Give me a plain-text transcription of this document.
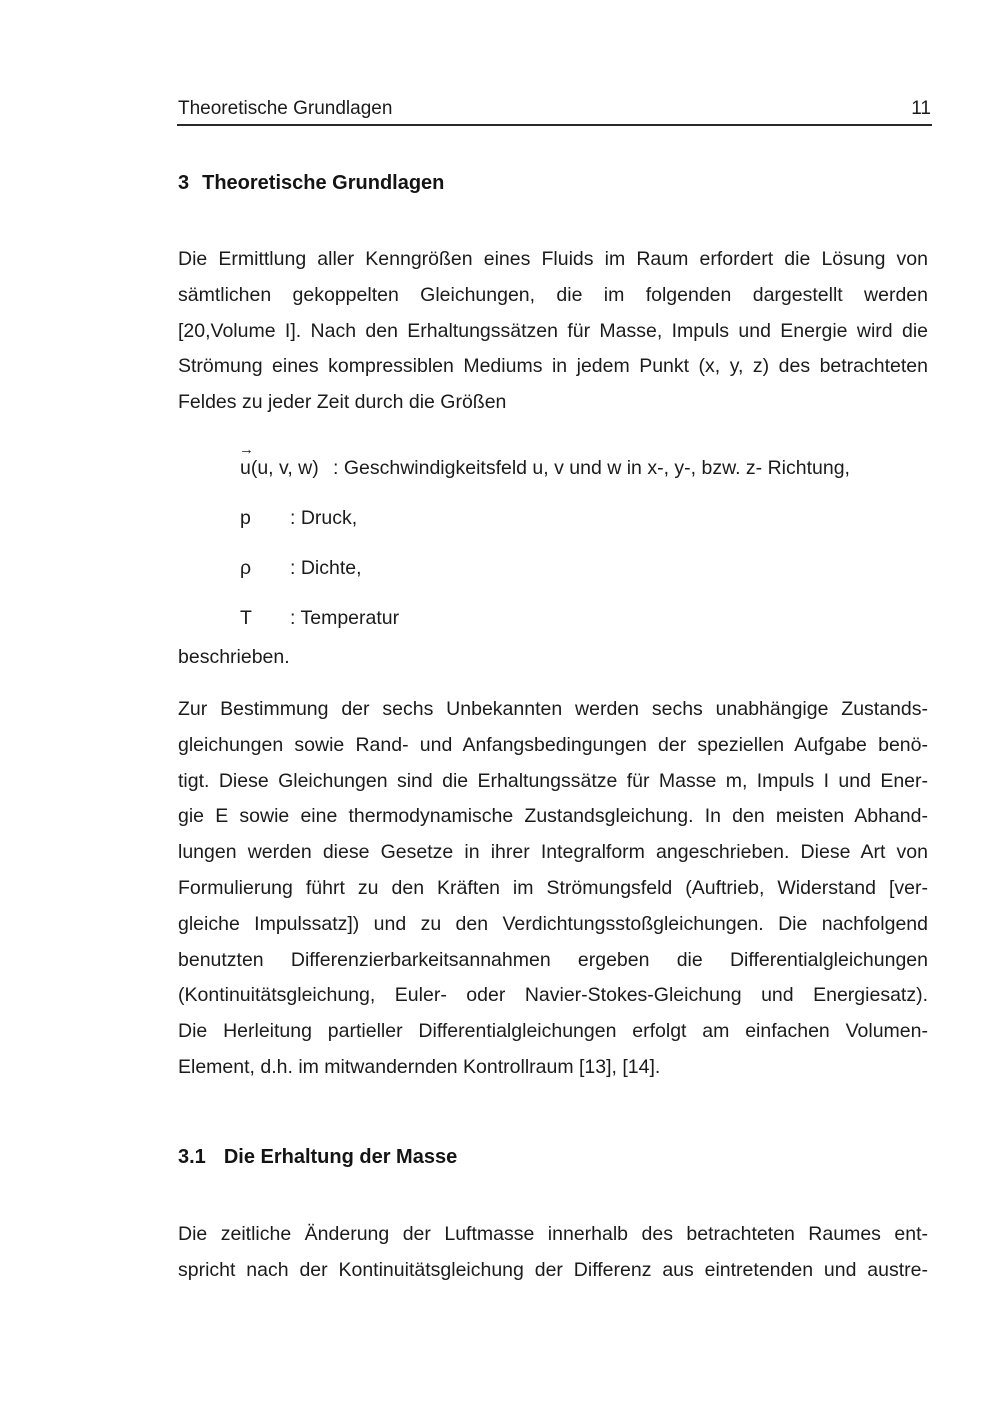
Theoretische Grundlagen	11
3 Theoretische Grundlagen
Die Ermittlung aller Kenngrößen eines Fluids im Raum erfordert die Lösung von
sämtlichen gekoppelten Gleichungen, die im folgenden dargestellt werden
[20,Volume I]. Nach den Erhaltungssätzen für Masse, Impuls und Energie wird die
Strömung eines kompressiblen Mediums in jedem Punkt (x, y, z) des betrachteten
Feldes zu jeder Zeit durch die Größen
→
u(u, v, w) : Geschwindigkeitsfeld u, v und w in x-, y-, bzw. z- Richtung,
p : Druck,
ρ : Dichte,
T : Temperatur
beschrieben.
Zur Bestimmung der sechs Unbekannten werden sechs unabhängige Zustands-
gleichungen sowie Rand- und Anfangsbedingungen der speziellen Aufgabe benö-
tigt. Diese Gleichungen sind die Erhaltungssätze für Masse m, Impuls I und Ener-
gie E sowie eine thermodynamische Zustandsgleichung. In den meisten Abhand-
lungen werden diese Gesetze in ihrer Integralform angeschrieben. Diese Art von
Formulierung führt zu den Kräften im Strömungsfeld (Auftrieb, Widerstand [ver-
gleiche Impulssatz]) und zu den Verdichtungsstoßgleichungen. Die nachfolgend
benutzten Differenzierbarkeitsannahmen ergeben die Differentialgleichungen
(Kontinuitätsgleichung, Euler- oder Navier-Stokes-Gleichung und Energiesatz).
Die Herleitung partieller Differentialgleichungen erfolgt am einfachen Volumen-
Element, d.h. im mitwandernden Kontrollraum [13], [14].
3.1 Die Erhaltung der Masse
Die zeitliche Änderung der Luftmasse innerhalb des betrachteten Raumes ent-
spricht nach der Kontinuitätsgleichung der Differenz aus eintretenden und austre-
